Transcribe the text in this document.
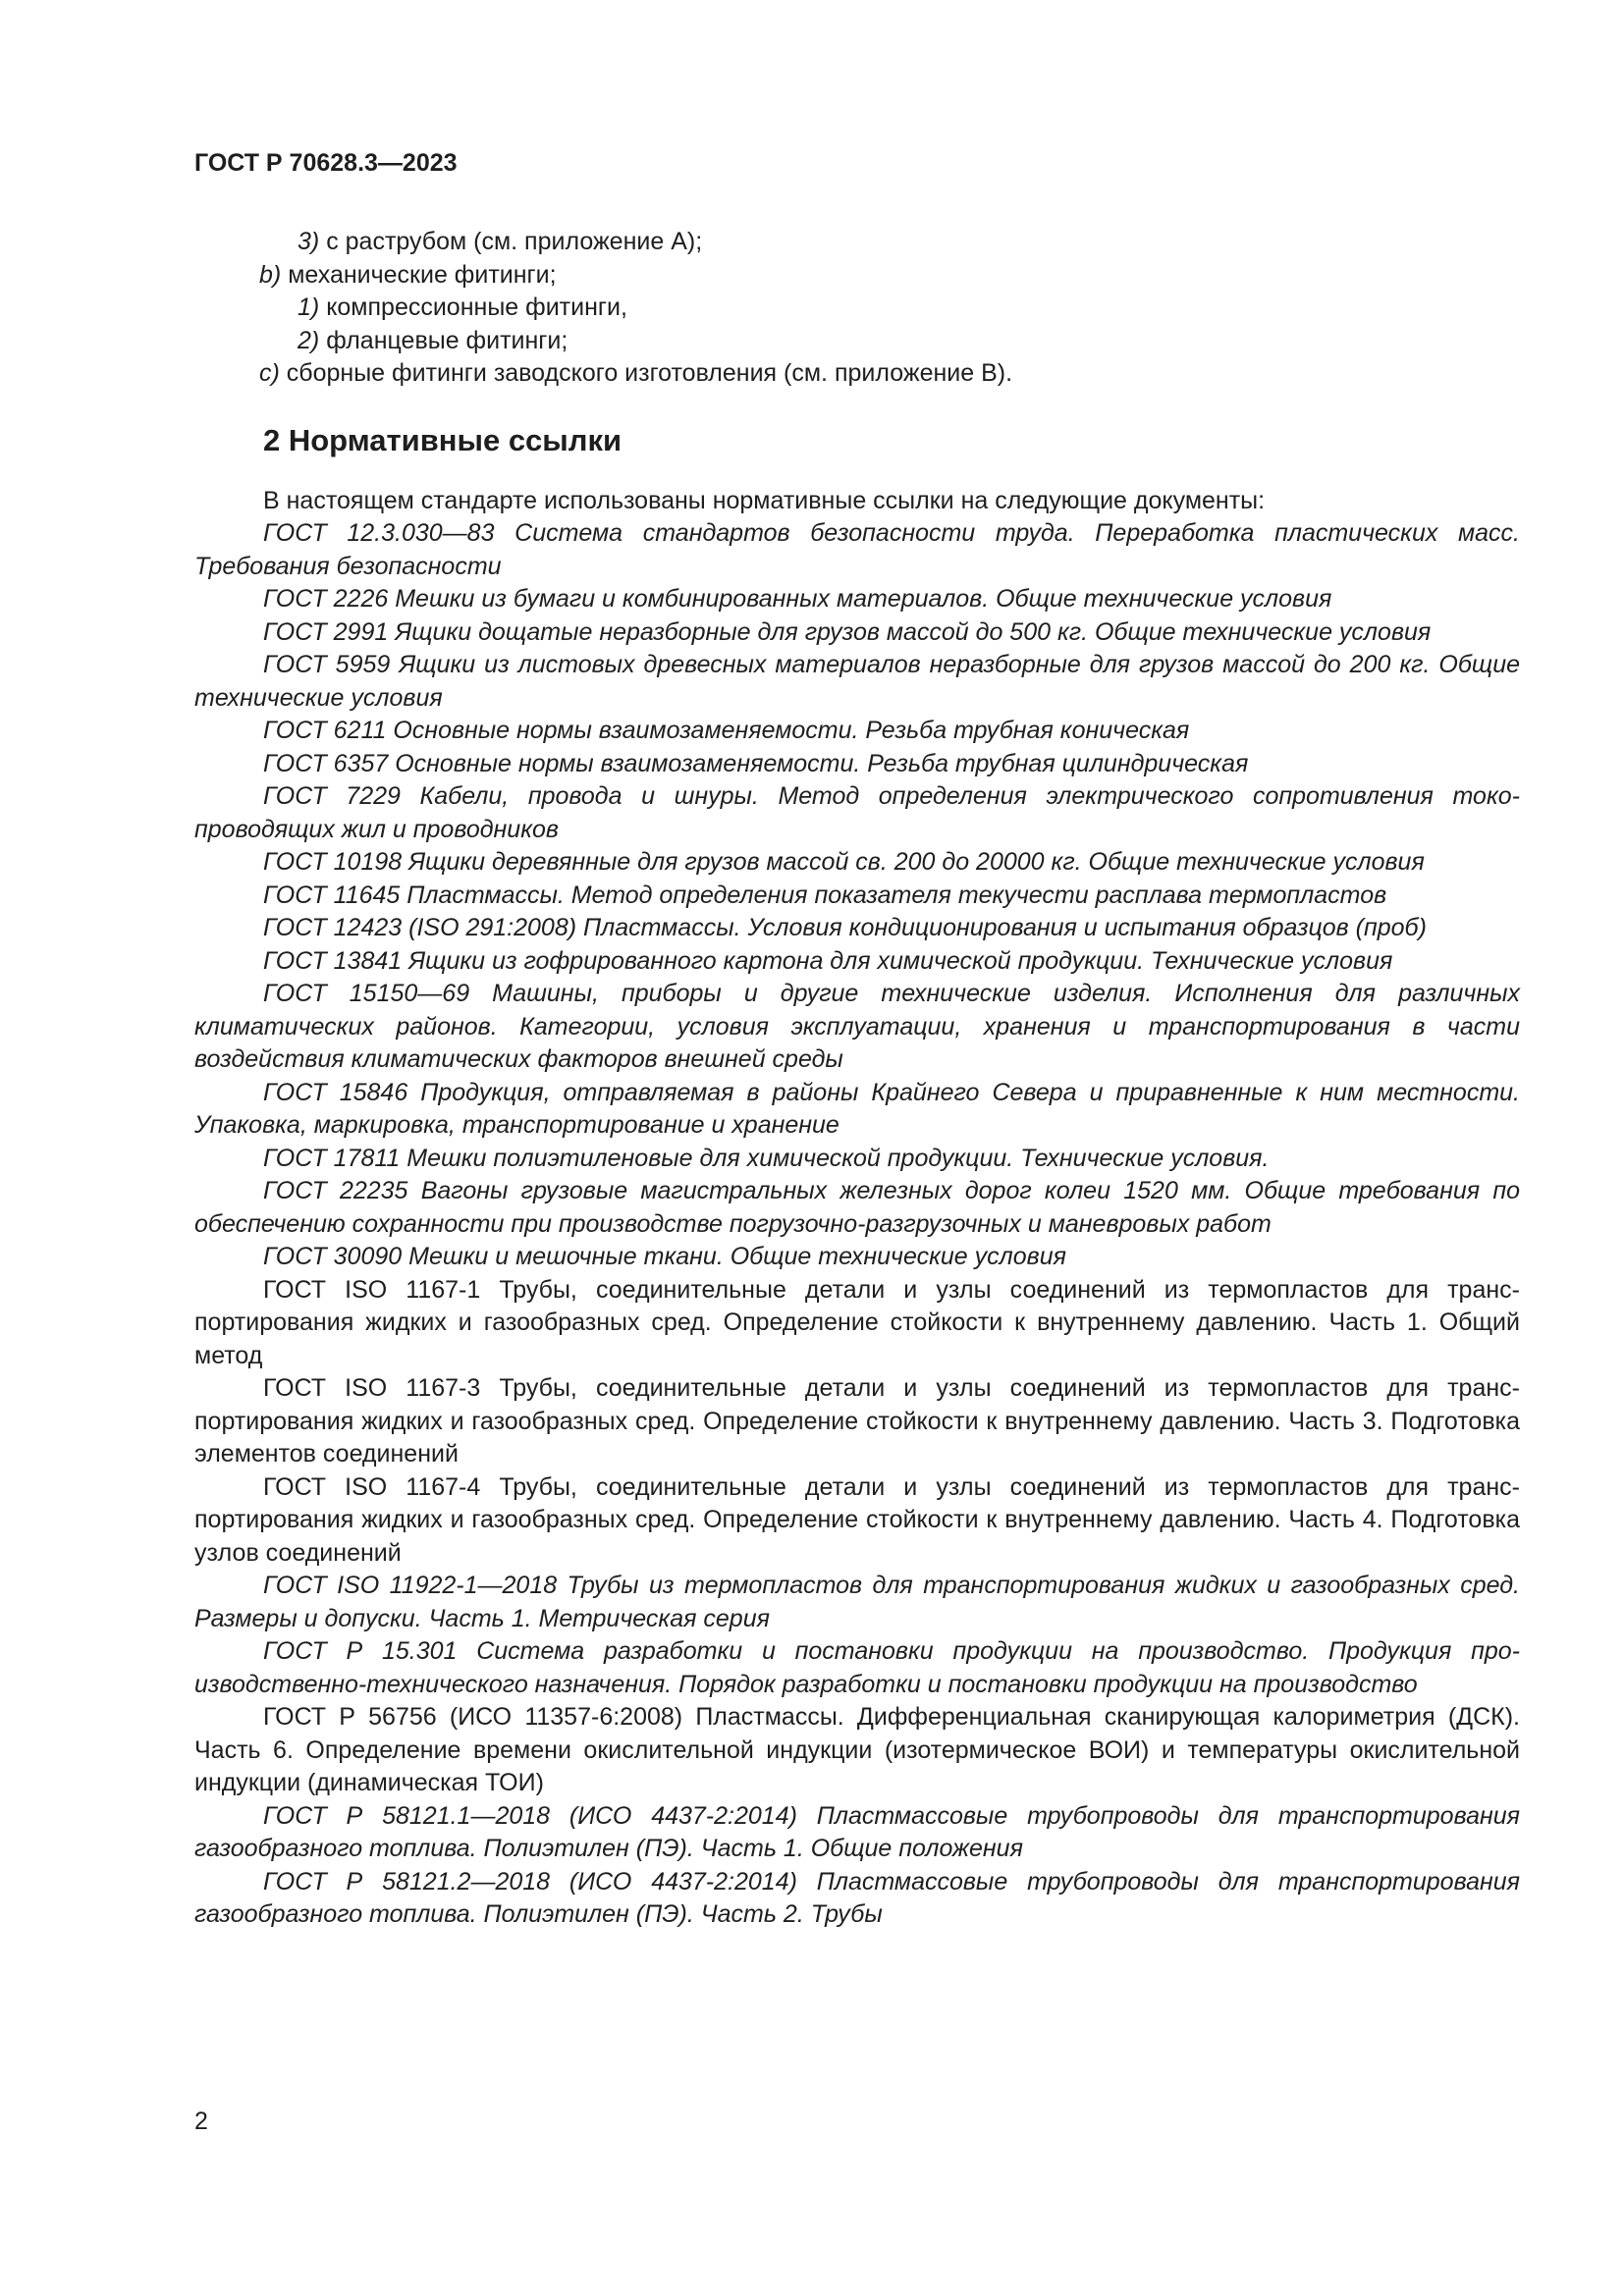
ГОСТ Р 70628.3—2023
3) с раструбом (см. приложение А);
b) механические фитинги;
1) компрессионные фитинги,
2) фланцевые фитинги;
c) сборные фитинги заводского изготовления (см. приложение В).
2 Нормативные ссылки

В настоящем стандарте использованы нормативные ссылки на следующие документы:

ГОСТ 12.3.030—83 Система стандартов безопасности труда. Переработка пластических масс. Требования безопасности

ГОСТ 2226 Мешки из бумаги и комбинированных материалов. Общие технические условия

ГОСТ 2991 Ящики дощатые неразборные для грузов массой до 500 кг. Общие технические условия

ГОСТ 5959 Ящики из листовых древесных материалов неразборные для грузов массой до 200 кг. Общие технические условия

ГОСТ 6211 Основные нормы взаимозаменяемости. Резьба трубная коническая

ГОСТ 6357 Основные нормы взаимозаменяемости. Резьба трубная цилиндрическая

ГОСТ 7229 Кабели, провода и шнуры. Метод определения электрического сопротивления токопроводящих жил и проводников

ГОСТ 10198 Ящики деревянные для грузов массой св. 200 до 20000 кг. Общие технические условия

ГОСТ 11645 Пластмассы. Метод определения показателя текучести расплава термопластов

ГОСТ 12423 (ISO 291:2008) Пластмассы. Условия кондиционирования и испытания образцов (проб)

ГОСТ 13841 Ящики из гофрированного картона для химической продукции. Технические условия

ГОСТ 15150—69 Машины, приборы и другие технические изделия. Исполнения для различных климатических районов. Категории, условия эксплуатации, хранения и транспортирования в части воздействия климатических факторов внешней среды

ГОСТ 15846 Продукция, отправляемая в районы Крайнего Севера и приравненные к ним местности. Упаковка, маркировка, транспортирование и хранение

ГОСТ 17811 Мешки полиэтиленовые для химической продукции. Технические условия.

ГОСТ 22235 Вагоны грузовые магистральных железных дорог колеи 1520 мм. Общие требования по обеспечению сохранности при производстве погрузочно-разгрузочных и маневровых работ

ГОСТ 30090 Мешки и мешочные ткани. Общие технические условия

ГОСТ ISO 1167-1 Трубы, соединительные детали и узлы соединений из термопластов для транспортирования жидких и газообразных сред. Определение стойкости к внутреннему давлению. Часть 1. Общий метод

ГОСТ ISO 1167-3 Трубы, соединительные детали и узлы соединений из термопластов для транспортирования жидких и газообразных сред. Определение стойкости к внутреннему давлению. Часть 3. Подготовка элементов соединений

ГОСТ ISO 1167-4 Трубы, соединительные детали и узлы соединений из термопластов для транспортирования жидких и газообразных сред. Определение стойкости к внутреннему давлению. Часть 4. Подготовка узлов соединений

ГОСТ ISO 11922-1—2018 Трубы из термопластов для транспортирования жидких и газообразных сред. Размеры и допуски. Часть 1. Метрическая серия

ГОСТ Р 15.301 Система разработки и постановки продукции на производство. Продукция производственно-технического назначения. Порядок разработки и постановки продукции на производство

ГОСТ Р 56756 (ИСО 11357-6:2008) Пластмассы. Дифференциальная сканирующая калориметрия (ДСК). Часть 6. Определение времени окислительной индукции (изотермическое ВОИ) и температуры окислительной индукции (динамическая ТОИ)

ГОСТ Р 58121.1—2018 (ИСО 4437-2:2014) Пластмассовые трубопроводы для транспортирования газообразного топлива. Полиэтилен (ПЭ). Часть 1. Общие положения

ГОСТ Р 58121.2—2018 (ИСО 4437-2:2014) Пластмассовые трубопроводы для транспортирования газообразного топлива. Полиэтилен (ПЭ). Часть 2. Трубы

2
